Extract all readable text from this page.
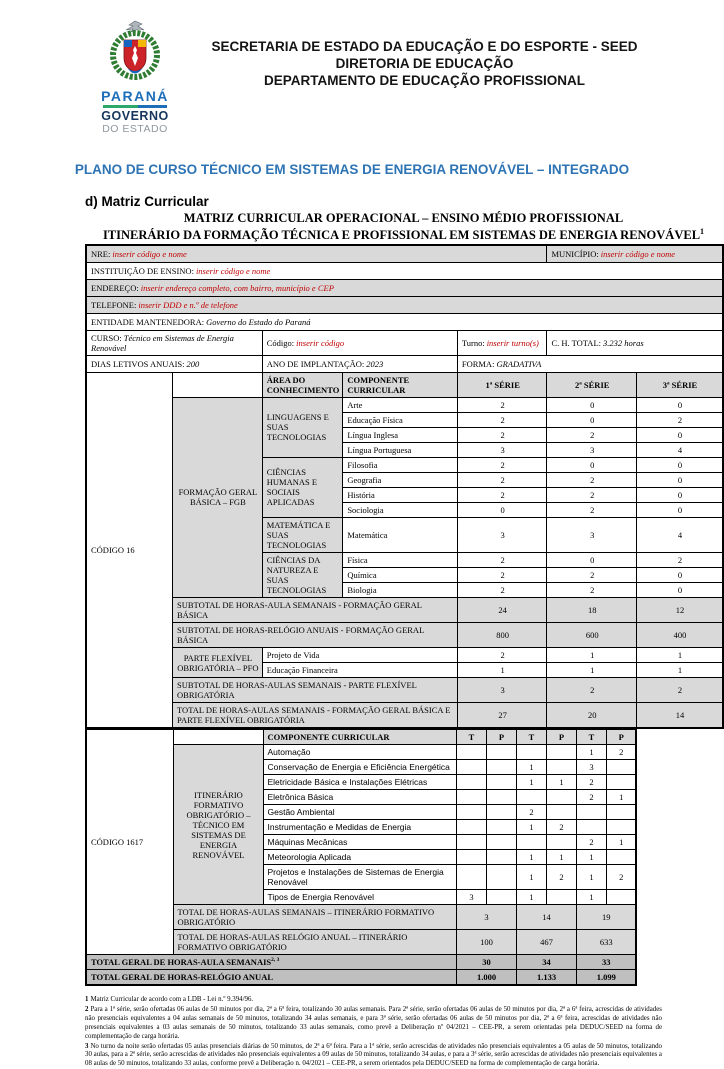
PARANÁ
GOVERNO
DO ESTADO
SECRETARIA DE ESTADO DA EDUCAÇÃO E DO ESPORTE - SEED
DIRETORIA DE EDUCAÇÃO
DEPARTAMENTO DE EDUCAÇÃO PROFISSIONAL
PLANO DE CURSO TÉCNICO EM SISTEMAS DE ENERGIA RENOVÁVEL – INTEGRADO
d) Matriz Curricular
MATRIZ CURRICULAR OPERACIONAL – ENSINO MÉDIO PROFISSIONAL
ITINERÁRIO DA FORMAÇÃO TÉCNICA E PROFISSIONAL EM SISTEMAS DE ENERGIA RENOVÁVEL$^1$
NRE: inserir código e nome					MUNICÍPIO: inserir código e nome	
INSTITUIÇÃO DE ENSINO: inserir código e nome						
ENDEREÇO: inserir endereço completo, com bairro, município e CEP						
TELEFONE: inserir DDD e n.º de telefone						
ENTIDADE MANTENEDORA: Governo do Estado do Paraná						
CURSO: Técnico em Sistemas de Energia Renovável		Código: inserir código		Turno: inserir turno(s)	C. H. TOTAL: 3.232 horas	
DIAS LETIVOS ANUAIS: 200		ANO DE IMPLANTAÇÃO: 2023		FORMA: GRADATIVA		
CÓDIGO 16		ÁREA DO CONHECIMENTO	COMPONENTE CURRICULAR	1ª SÉRIE	2ª SÉRIE	3ª SÉRIE
	FORMAÇÃO GERAL BÁSICA – FGB	LINGUAGENS E SUAS TECNOLOGIAS	Arte	2	0	0
			Educação Física	2	0	2
			Língua Inglesa	2	2	0
			Língua Portuguesa	3	3	4
		CIÊNCIAS HUMANAS E SOCIAIS APLICADAS	Filosofia	2	0	0
			Geografia	2	2	0
			História	2	2	0
			Sociologia	0	2	0
		MATEMÁTICA E SUAS TECNOLOGIAS	Matemática	3	3	4
		CIÊNCIAS DA NATUREZA E SUAS TECNOLOGIAS	Física	2	0	2
			Química	2	2	0
			Biologia	2	2	0
	SUBTOTAL DE HORAS-AULA SEMANAIS - FORMAÇÃO GERAL BÁSICA			24	18	12
	SUBTOTAL DE HORAS-RELÓGIO ANUAIS - FORMAÇÃO GERAL BÁSICA			800	600	400
	PARTE FLEXÍVEL OBRIGATÓRIA – PFO	Projeto de Vida		2	1	1
		Educação Financeira		1	1	1
	SUBTOTAL DE HORAS-AULAS SEMANAIS - PARTE FLEXÍVEL OBRIGATÓRIA			3	2	2
	TOTAL DE HORAS-AULAS SEMANAIS - FORMAÇÃO GERAL BÁSICA E PARTE FLEXÍVEL OBRIGATÓRIA			27	20	14
CÓDIGO 1617		COMPONENTE CURRICULAR	T	P	T	P	T	P
	ITINERÁRIO FORMATIVO OBRIGATÓRIO – TÉCNICO EM SISTEMAS DE ENERGIA RENOVÁVEL	Automação					1	2
		Conservação de Energia e Eficiência Energética			1		3	
		Eletricidade Básica e Instalações Elétricas			1	1	2	
		Eletrônica Básica					2	1
		Gestão Ambiental			2			
		Instrumentação e Medidas de Energia			1	2		
		Máquinas Mecânicas					2	1
		Meteorologia Aplicada			1	1	1	
		Projetos e Instalações de Sistemas de Energia Renovável			1	2	1	2
		Tipos de Energia Renovável	3		1		1	
	TOTAL DE HORAS-AULAS SEMANAIS – ITINERÁRIO FORMATIVO OBRIGATÓRIO		3		14		19	
	TOTAL DE HORAS-AULAS RELÓGIO ANUAL – ITINERÁRIO FORMATIVO OBRIGATÓRIO		100		467		633	
TOTAL GERAL DE HORAS-AULA SEMANAIS$^{2, 3}$			30		34		33	
TOTAL GERAL DE HORAS-RELÓGIO ANUAL			1.000		1.133		1.099	

1 Matriz Curricular de acordo com a LDB - Lei n.º 9.394/96.

2 Para a 1ª série, serão ofertadas 06 aulas de 50 minutos por dia, 2ª a 6ª feira, totalizando 30 aulas semanais. Para 2ª série, serão ofertadas 06 aulas de 50 minutos por dia, 2ª a 6ª feira, acrescidas de atividades não presenciais equivalentes a 04 aulas semanais de 50 minutos, totalizando 34 aulas semanais, e para 3ª série, serão ofertadas 06 aulas de 50 minutos por dia, 2ª a 6ª feira, acrescidas de atividades não presenciais equivalentes a 03 aulas semanais de 50 minutos, totalizando 33 aulas semanais, como prevê a Deliberação nº 04/2021 – CEE-PR, a serem orientadas pela DEDUC/SEED na forma de complementação de carga horária.

3 No turno da noite serão ofertadas 05 aulas presenciais diárias de 50 minutos, de 2ª a 6ª feira. Para a 1ª série, serão acrescidas de atividades não presenciais equivalentes a 05 aulas de 50 minutos, totalizando 30 aulas, para a 2ª série, serão acrescidas de atividades não presenciais equivalentes a 09 aulas de 50 minutos, totalizando 34 aulas, e para a 3ª série, serão acrescidas de atividades não presenciais equivalentes a 08 aulas de 50 minutos, totalizando 33 aulas, conforme prevê a Deliberação n. 04/2021 – CEE-PR, a serem orientados pela DEDUC/SEED na forma de complementação de carga horária.
